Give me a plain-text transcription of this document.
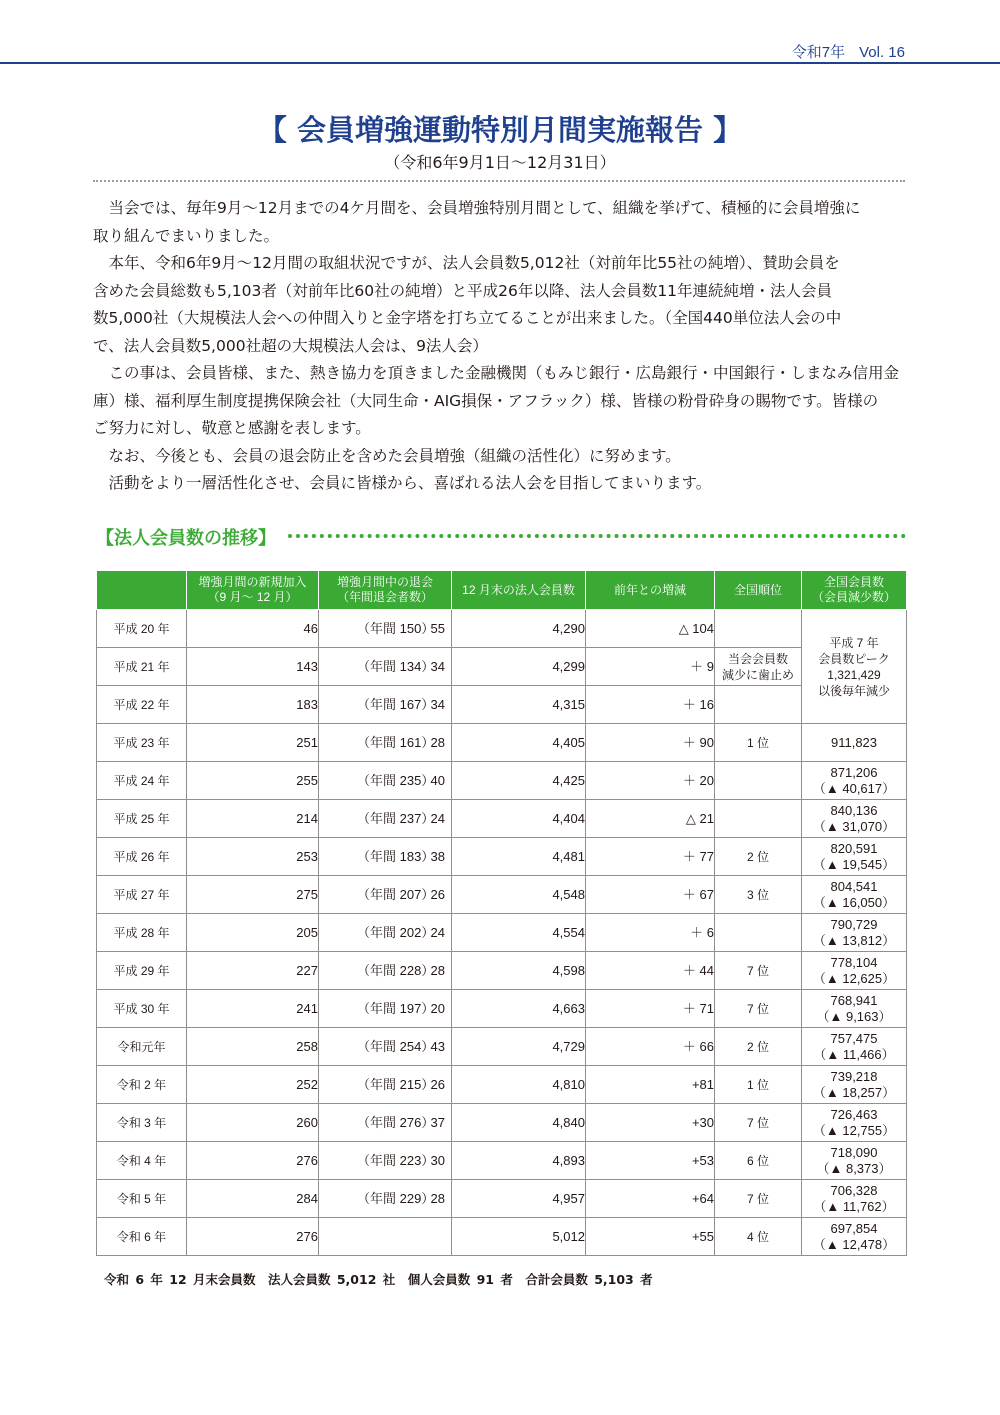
令和7年 Vol. 16
【 会員増強運動特別月間実施報告 】
（令和6年9月1日～12月31日）

当会では、毎年9月～12月までの4ケ月間を、会員増強特別月間として、組織を挙げて、積極的に会員増強に

取り組んでまいりました。

本年、令和6年9月～12月間の取組状況ですが、法人会員数5,012社（対前年比55社の純増）、賛助会員を

含めた会員総数も5,103者（対前年比60社の純増）と平成26年以降、法人会員数11年連続純増・法人会員

数5,000社（大規模法人会への仲間入りと金字塔を打ち立てることが出来ました。（全国440単位法人会の中

で、法人会員数5,000社超の大規模法人会は、9法人会）

この事は、会員皆様、また、熱き協力を頂きました金融機関（もみじ銀行・広島銀行・中国銀行・しまなみ信用金

庫）様、福利厚生制度提携保険会社（大同生命・AIG損保・アフラック）様、皆様の粉骨砕身の賜物です。皆様の

ご努力に対し、敬意と感謝を表します。

なお、今後とも、会員の退会防止を含めた会員増強（組織の活性化）に努めます。

活動をより一層活性化させ、会員に皆様から、喜ばれる法人会を目指してまいります。

【法人会員数の推移】
	増強月間の新規加入
（9 月～ 12 月）	増強月間中の退会
（年間退会者数）	12 月末の法人会員数	前年との増減	全国順位	全国会員数
（会員減少数）
平成 20 年	46	（年間 150）
55	4,290	△ 104		平成 7 年
会員数ピーク
1,321,429
以後毎年減少
平成 21 年	143	（年間 134）
34	4,299	＋ 9	当会会員数
減少に歯止め	
平成 22 年	183	（年間 167）
34	4,315	＋ 16		
平成 23 年	251	（年間 161）
28	4,405	＋ 90	1 位	911,823
平成 24 年	255	（年間 235）
40	4,425	＋ 20		871,206
（▲ 40,617）
平成 25 年	214	（年間 237）
24	4,404	△ 21		840,136
（▲ 31,070）
平成 26 年	253	（年間 183）
38	4,481	＋ 77	2 位	820,591
（▲ 19,545）
平成 27 年	275	（年間 207）
26	4,548	＋ 67	3 位	804,541
（▲ 16,050）
平成 28 年	205	（年間 202）
24	4,554	＋ 6		790,729
（▲ 13,812）
平成 29 年	227	（年間 228）
28	4,598	＋ 44	7 位	778,104
（▲ 12,625）
平成 30 年	241	（年間 197）
20	4,663	＋ 71	7 位	768,941
（▲ 9,163）
令和元年	258	（年間 254）
43	4,729	＋ 66	2 位	757,475
（▲ 11,466）
令和 2 年	252	（年間 215）
26	4,810	+81	1 位	739,218
（▲ 18,257）
令和 3 年	260	（年間 276）
37	4,840	+30	7 位	726,463
（▲ 12,755）
令和 4 年	276	（年間 223）
30	4,893	+53	6 位	718,090
（▲ 8,373）
令和 5 年	284	（年間 229）
28	4,957	+64	7 位	706,328
（▲ 11,762）
令和 6 年	276		5,012	+55	4 位	697,854
（▲ 12,478）
令和 6 年 12 月末会員数　法人会員数 5,012 社　個人会員数 91 者　合計会員数 5,103 者
